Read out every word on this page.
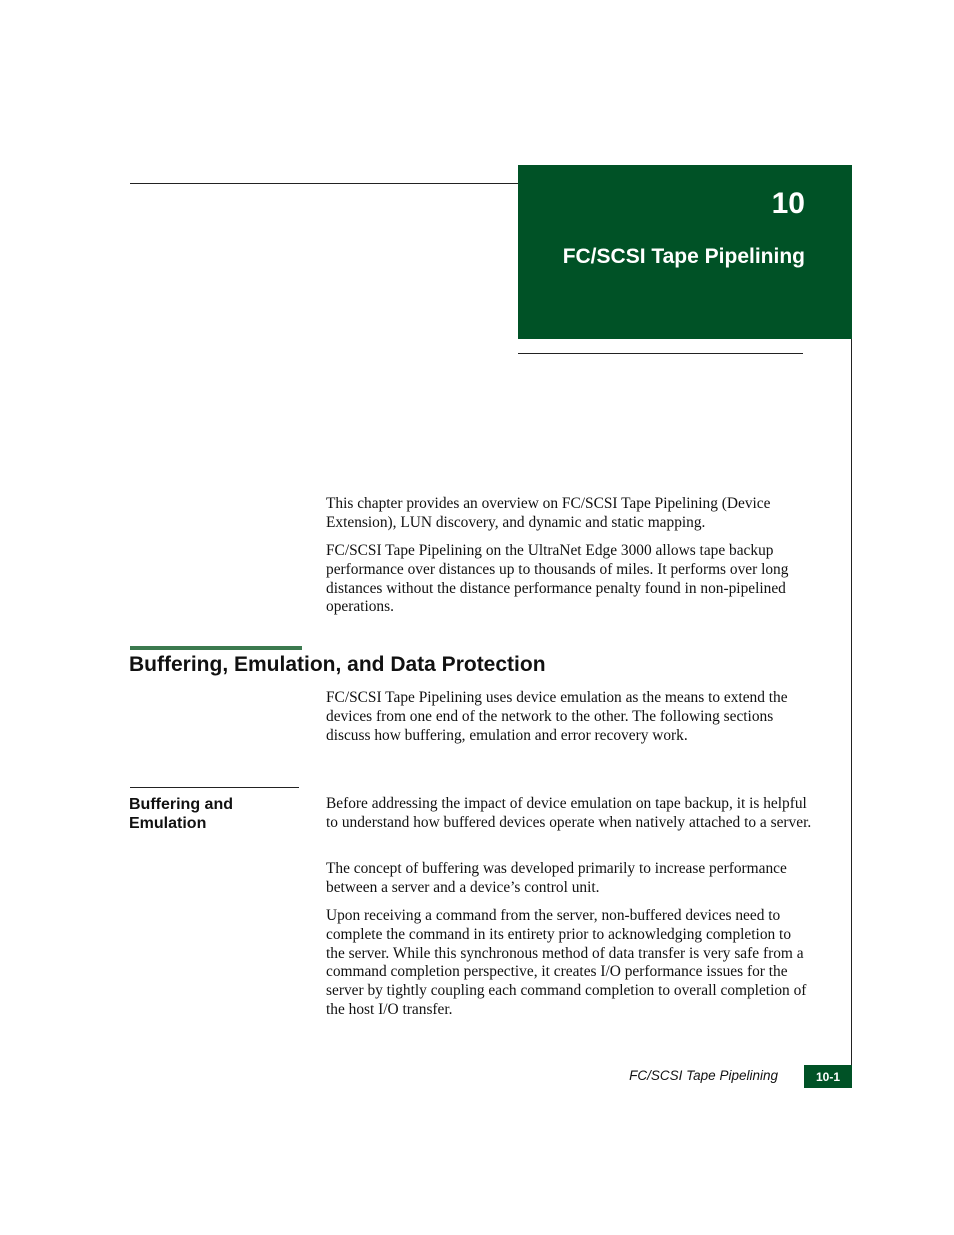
10
FC/SCSI Tape Pipelining

This chapter provides an overview on FC/SCSI Tape Pipelining (Device Extension), LUN discovery, and dynamic and static mapping.

FC/SCSI Tape Pipelining on the UltraNet Edge 3000 allows tape backup performance over distances up to thousands of miles. It performs over long distances without the distance performance penalty found in non-pipelined operations.

Buffering, Emulation, and Data Protection

FC/SCSI Tape Pipelining uses device emulation as the means to extend the devices from one end of the network to the other. The following sections discuss how buffering, emulation and error recovery work.

Buffering and Emulation

Before addressing the impact of device emulation on tape backup, it is helpful to understand how buffered devices operate when natively attached to a server.

The concept of buffering was developed primarily to increase performance between a server and a device’s control unit.

Upon receiving a command from the server, non-buffered devices need to complete the command in its entirety prior to acknowledging completion to the server. While this synchronous method of data transfer is very safe from a command completion perspective, it creates I/O performance issues for the server by tightly coupling each command completion to overall completion of the host I/O transfer.

FC/SCSI Tape Pipelining	10-1
